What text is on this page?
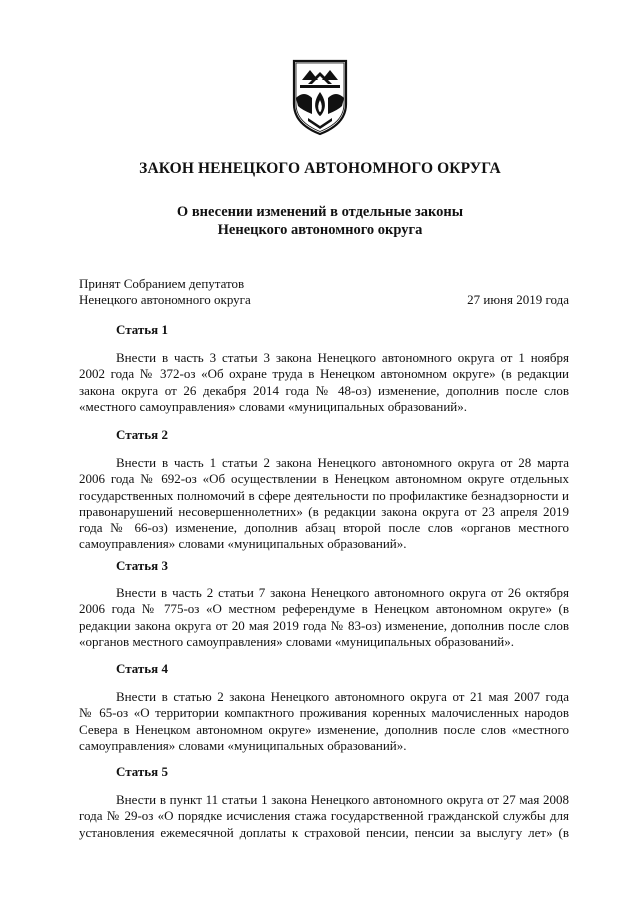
ЗАКОН НЕНЕЦКОГО АВТОНОМНОГО ОКРУГА
О внесении изменений в отдельные законы
Ненецкого автономного округа
Принят Собранием депутатов
Ненецкого автономного округа	27 июня 2019 года
Статья 1
Внести в часть 3 статьи 3 закона Ненецкого автономного округа от 1 ноября
2002 года № 372-оз «Об охране труда в Ненецком автономном округе» (в редакции
закона округа от 26 декабря 2014 года № 48-оз) изменение, дополнив после слов
«местного самоуправления» словами «муниципальных образований».
Статья 2
Внести в часть 1 статьи 2 закона Ненецкого автономного округа от 28 марта
2006 года № 692-оз «Об осуществлении в Ненецком автономном округе отдельных
государственных полномочий в сфере деятельности по профилактике безнадзорности и
правонарушений несовершеннолетних» (в редакции закона округа от 23 апреля 2019
года № 66-оз) изменение, дополнив абзац второй после слов «органов местного
самоуправления» словами «муниципальных образований».
Статья 3
Внести в часть 2 статьи 7 закона Ненецкого автономного округа от 26 октября
2006 года № 775-оз «О местном референдуме в Ненецком автономном округе» (в
редакции закона округа от 20 мая 2019 года № 83-оз) изменение, дополнив после слов
«органов местного самоуправления» словами «муниципальных образований».
Статья 4
Внести в статью 2 закона Ненецкого автономного округа от 21 мая 2007 года
№ 65-оз «О территории компактного проживания коренных малочисленных народов
Севера в Ненецком автономном округе» изменение, дополнив после слов «местного
самоуправления» словами «муниципальных образований».
Статья 5
Внести в пункт 11 статьи 1 закона Ненецкого автономного округа от 27 мая 2008
года № 29-оз «О порядке исчисления стажа государственной гражданской службы для
установления ежемесячной доплаты к страховой пенсии, пенсии за выслугу лет» (в
